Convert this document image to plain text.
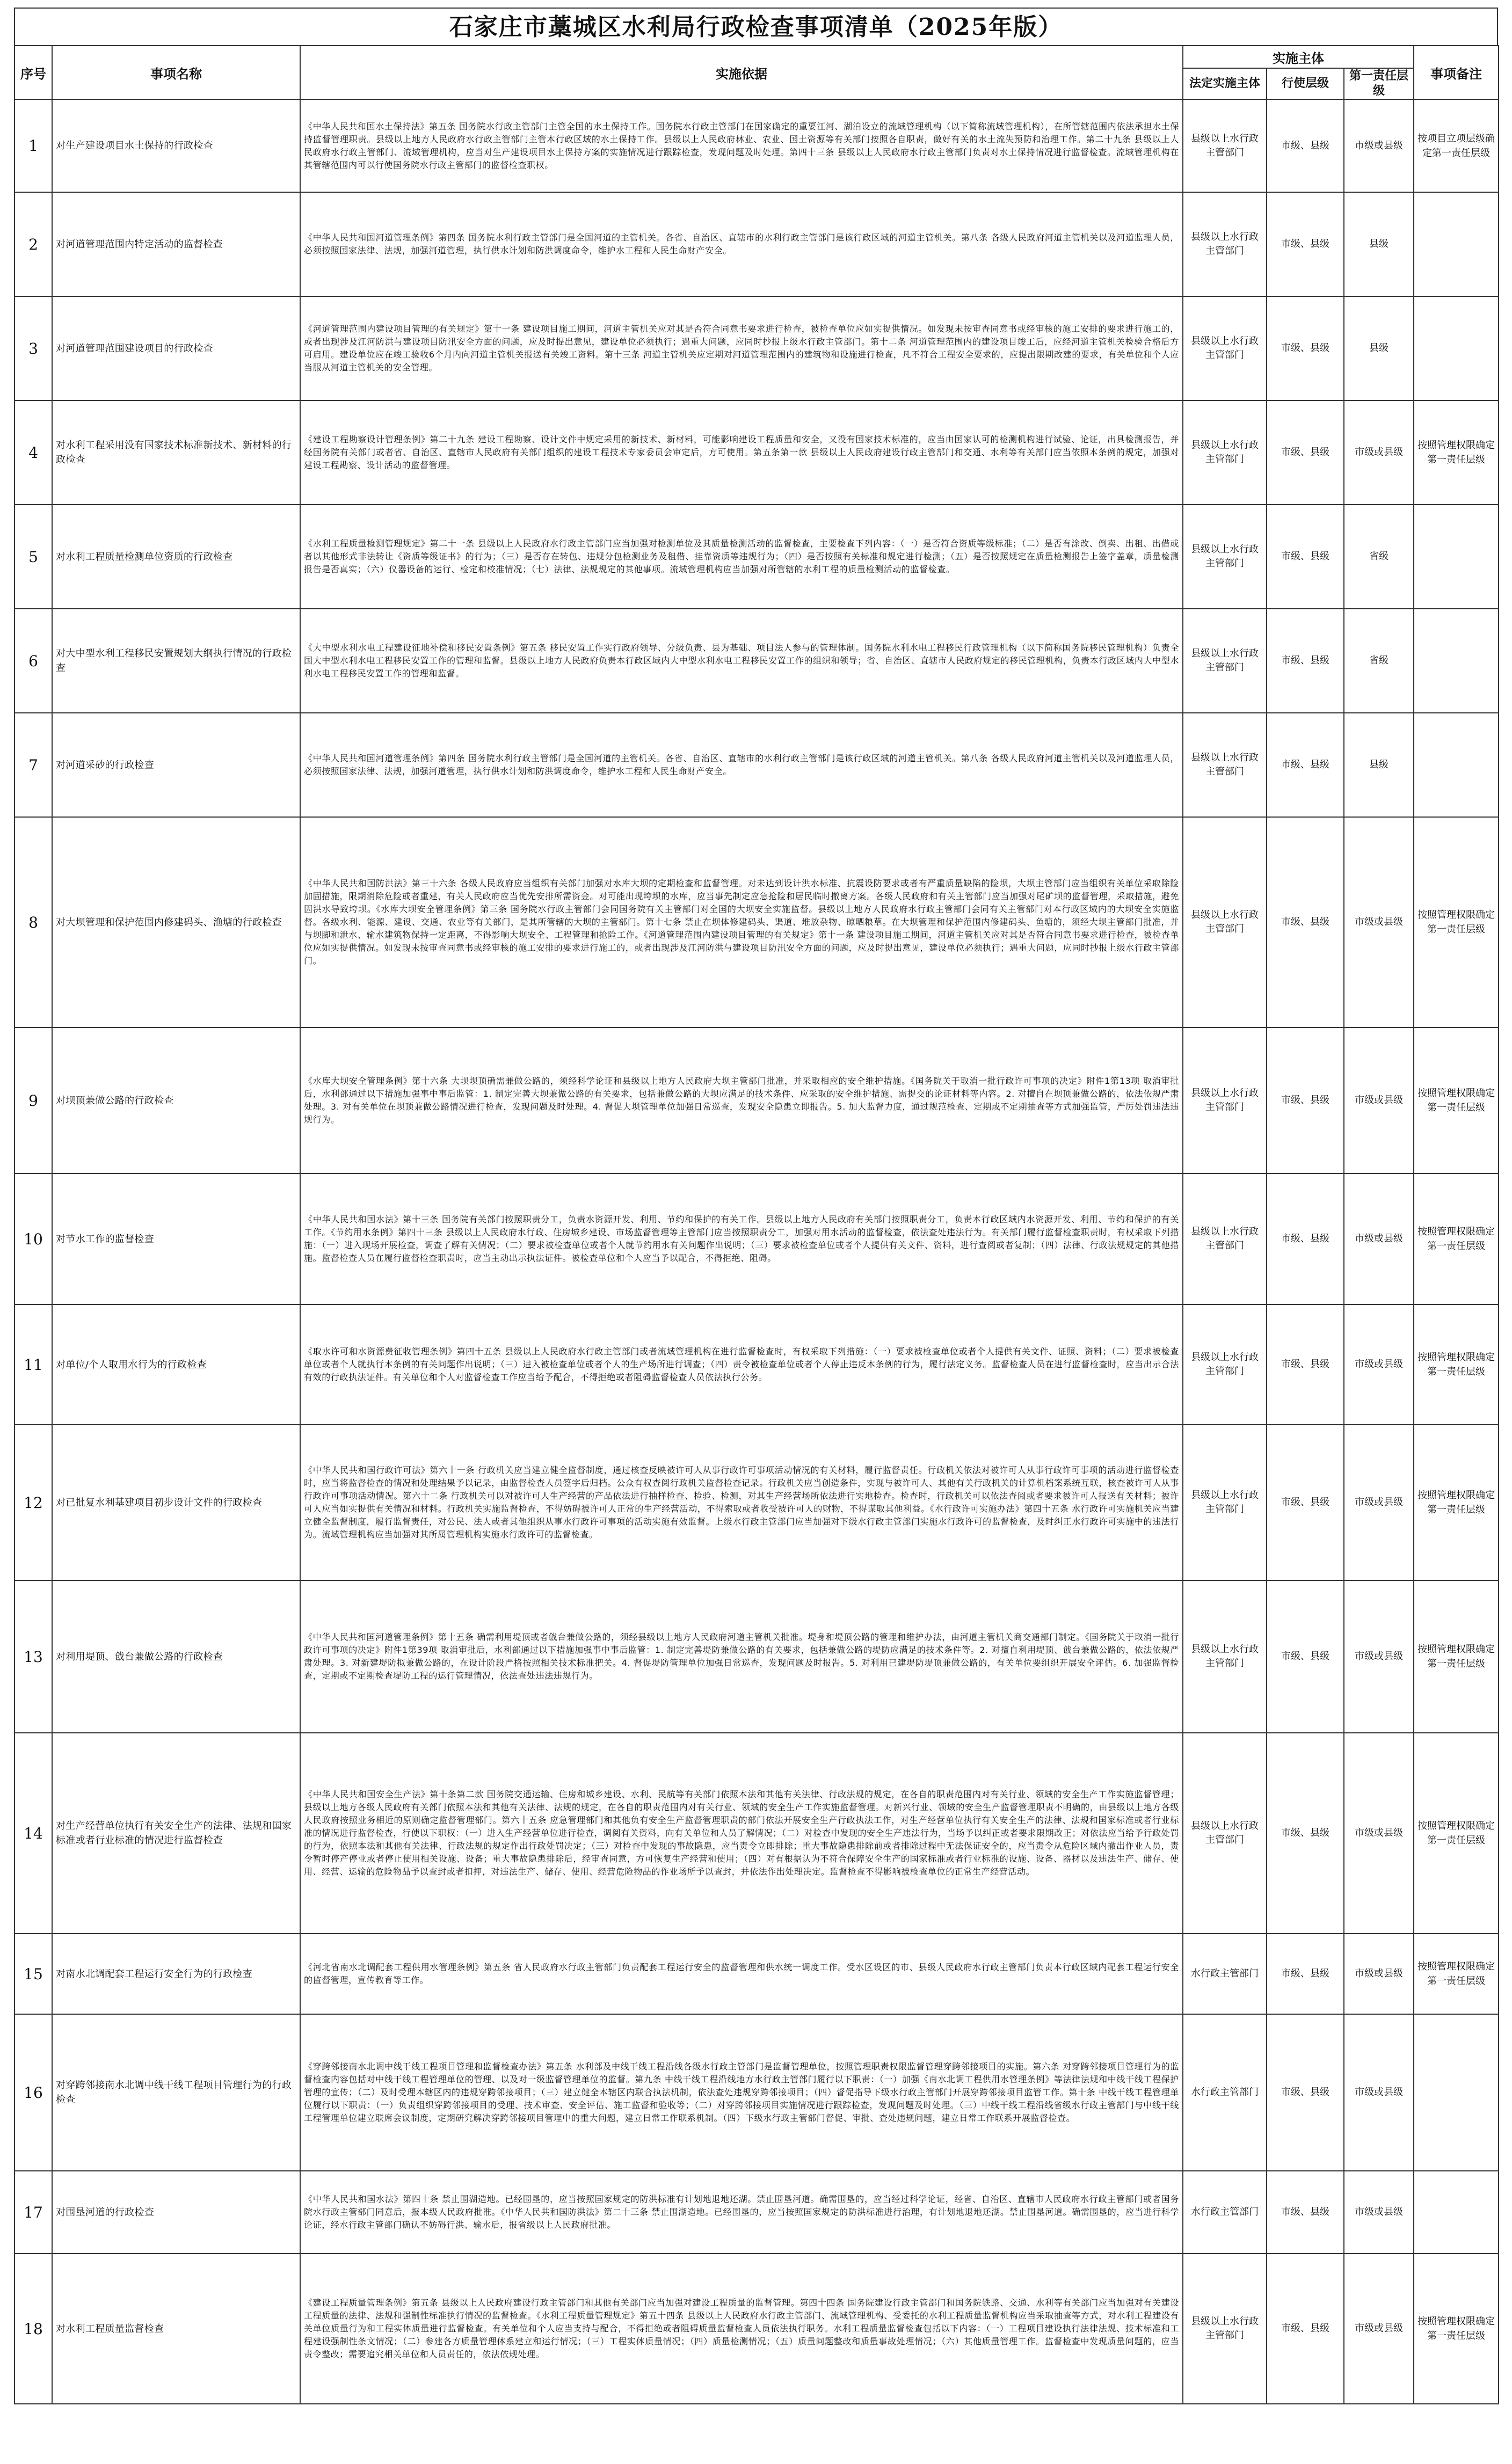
石家庄市藁城区水利局行政检查事项清单（2025年版）
序号	事项名称	实施依据	实施主体			事项备注
			法定实施主体	行使层级	第一责任层级	
1	对生产建设项目水土保持的行政检查	《中华人民共和国水土保持法》第五条 国务院水行政主管部门主管全国的水土保持工作。国务院水行政主管部门在国家确定的重要江河、湖泊设立的流域管理机构（以下简称流域管理机构），在所管辖范围内依法承担水土保持监督管理职责。县级以上地方人民政府水行政主管部门主管本行政区域的水土保持工作。县级以上人民政府林业、农业、国土资源等有关部门按照各自职责，做好有关的水土流失预防和治理工作。第二十九条 县级以上人民政府水行政主管部门、流域管理机构，应当对生产建设项目水土保持方案的实施情况进行跟踪检查，发现问题及时处理。第四十三条 县级以上人民政府水行政主管部门负责对水土保持情况进行监督检查。流域管理机构在其管辖范围内可以行使国务院水行政主管部门的监督检查职权。	县级以上水行政主管部门	市级、县级	市级或县级	按项目立项层级确定第一责任层级
2	对河道管理范围内特定活动的监督检查	《中华人民共和国河道管理条例》第四条 国务院水利行政主管部门是全国河道的主管机关。各省、自治区、直辖市的水利行政主管部门是该行政区域的河道主管机关。第八条 各级人民政府河道主管机关以及河道监理人员，必须按照国家法律、法规，加强河道管理，执行供水计划和防洪调度命令，维护水工程和人民生命财产安全。	县级以上水行政主管部门	市级、县级	县级	
3	对河道管理范围建设项目的行政检查	《河道管理范围内建设项目管理的有关规定》第十一条 建设项目施工期间，河道主管机关应对其是否符合同意书要求进行检查，被检查单位应如实提供情况。如发现未按审查同意书或经审核的施工安排的要求进行施工的，或者出现涉及江河防洪与建设项目防汛安全方面的问题，应及时提出意见，建设单位必须执行；遇重大问题，应同时抄报上级水行政主管部门。第十二条 河道管理范围内的建设项目竣工后，应经河道主管机关检验合格后方可启用。建设单位应在竣工验收6个月内向河道主管机关报送有关竣工资料。第十三条 河道主管机关应定期对河道管理范围内的建筑物和设施进行检查，凡不符合工程安全要求的，应提出限期改建的要求，有关单位和个人应当服从河道主管机关的安全管理。	县级以上水行政主管部门	市级、县级	县级	
4	对水利工程采用没有国家技术标准新技术、新材料的行政检查	《建设工程勘察设计管理条例》第二十九条 建设工程勘察、设计文件中规定采用的新技术、新材料，可能影响建设工程质量和安全，又没有国家技术标准的，应当由国家认可的检测机构进行试验、论证，出具检测报告，并经国务院有关部门或者省、自治区、直辖市人民政府有关部门组织的建设工程技术专家委员会审定后，方可使用。第五条第一款 县级以上人民政府建设行政主管部门和交通、水利等有关部门应当依照本条例的规定，加强对建设工程勘察、设计活动的监督管理。	县级以上水行政主管部门	市级、县级	市级或县级	按照管理权限确定第一责任层级
5	对水利工程质量检测单位资质的行政检查	《水利工程质量检测管理规定》第二十一条 县级以上人民政府水行政主管部门应当加强对检测单位及其质量检测活动的监督检查，主要检查下列内容：（一）是否符合资质等级标准；（二）是否有涂改、倒卖、出租、出借或者以其他形式非法转让《资质等级证书》的行为；（三）是否存在转包、违规分包检测业务及租借、挂靠资质等违规行为；（四）是否按照有关标准和规定进行检测；（五）是否按照规定在质量检测报告上签字盖章，质量检测报告是否真实；（六）仪器设备的运行、检定和校准情况；（七）法律、法规规定的其他事项。流域管理机构应当加强对所管辖的水利工程的质量检测活动的监督检查。	县级以上水行政主管部门	市级、县级	省级	
6	对大中型水利工程移民安置规划大纲执行情况的行政检查	《大中型水利水电工程建设征地补偿和移民安置条例》第五条 移民安置工作实行政府领导、分级负责、县为基础、项目法人参与的管理体制。国务院水利水电工程移民行政管理机构（以下简称国务院移民管理机构）负责全国大中型水利水电工程移民安置工作的管理和监督。县级以上地方人民政府负责本行政区域内大中型水利水电工程移民安置工作的组织和领导；省、自治区、直辖市人民政府规定的移民管理机构，负责本行政区域内大中型水利水电工程移民安置工作的管理和监督。	县级以上水行政主管部门	市级、县级	省级	
7	对河道采砂的行政检查	《中华人民共和国河道管理条例》第四条 国务院水利行政主管部门是全国河道的主管机关。各省、自治区、直辖市的水利行政主管部门是该行政区域的河道主管机关。第八条 各级人民政府河道主管机关以及河道监理人员，必须按照国家法律、法规，加强河道管理，执行供水计划和防洪调度命令，维护水工程和人民生命财产安全。	县级以上水行政主管部门	市级、县级	县级	
8	对大坝管理和保护范围内修建码头、渔塘的行政检查	《中华人民共和国防洪法》第三十六条 各级人民政府应当组织有关部门加强对水库大坝的定期检查和监督管理。对未达到设计洪水标准、抗震设防要求或者有严重质量缺陷的险坝，大坝主管部门应当组织有关单位采取除险加固措施，限期消除危险或者重建，有关人民政府应当优先安排所需资金。对可能出现垮坝的水库，应当事先制定应急抢险和居民临时撤离方案。各级人民政府和有关主管部门应当加强对尾矿坝的监督管理，采取措施，避免因洪水导致垮坝。《水库大坝安全管理条例》第三条 国务院水行政主管部门会同国务院有关主管部门对全国的大坝安全实施监督。县级以上地方人民政府水行政主管部门会同有关主管部门对本行政区域内的大坝安全实施监督。各级水利、能源、建设、交通、农业等有关部门，是其所管辖的大坝的主管部门。第十七条 禁止在坝体修建码头、渠道、堆放杂物、晾晒粮草。在大坝管理和保护范围内修建码头、鱼塘的，须经大坝主管部门批准，并与坝脚和泄水、输水建筑物保持一定距离，不得影响大坝安全、工程管理和抢险工作。《河道管理范围内建设项目管理的有关规定》第十一条 建设项目施工期间，河道主管机关应对其是否符合同意书要求进行检查，被检查单位应如实提供情况。如发现未按审查同意书或经审核的施工安排的要求进行施工的，或者出现涉及江河防洪与建设项目防汛安全方面的问题，应及时提出意见，建设单位必须执行；遇重大问题，应同时抄报上级水行政主管部门。	县级以上水行政主管部门	市级、县级	市级或县级	按照管理权限确定第一责任层级
9	对坝顶兼做公路的行政检查	《水库大坝安全管理条例》第十六条 大坝坝顶确需兼做公路的，须经科学论证和县级以上地方人民政府大坝主管部门批准，并采取相应的安全维护措施。《国务院关于取消一批行政许可事项的决定》附件1第13项 取消审批后，水利部通过以下措施加强事中事后监管：1. 制定完善大坝兼做公路的有关要求，包括兼做公路的大坝应满足的技术条件、应采取的安全维护措施、需提交的论证材料等内容。2. 对擅自在坝顶兼做公路的，依法依规严肃处理。3. 对有关单位在坝顶兼做公路情况进行检查，发现问题及时处理。4. 督促大坝管理单位加强日常巡查，发现安全隐患立即报告。5. 加大监督力度，通过规范检查、定期或不定期抽查等方式加强监管，严厉处罚违法违规行为。	县级以上水行政主管部门	市级、县级	市级或县级	按照管理权限确定第一责任层级
10	对节水工作的监督检查	《中华人民共和国水法》第十三条 国务院有关部门按照职责分工，负责水资源开发、利用、节约和保护的有关工作。县级以上地方人民政府有关部门按照职责分工，负责本行政区域内水资源开发、利用、节约和保护的有关工作。《节约用水条例》第四十三条 县级以上人民政府水行政、住房城乡建设、市场监督管理等主管部门应当按照职责分工，加强对用水活动的监督检查，依法查处违法行为。有关部门履行监督检查职责时，有权采取下列措施：（一）进入现场开展检查，调查了解有关情况；（二）要求被检查单位或者个人就节约用水有关问题作出说明；（三）要求被检查单位或者个人提供有关文件、资料，进行查阅或者复制；（四）法律、行政法规规定的其他措施。监督检查人员在履行监督检查职责时，应当主动出示执法证件。被检查单位和个人应当予以配合，不得拒绝、阻碍。	县级以上水行政主管部门	市级、县级	市级或县级	按照管理权限确定第一责任层级
11	对单位/个人取用水行为的行政检查	《取水许可和水资源费征收管理条例》第四十五条 县级以上人民政府水行政主管部门或者流域管理机构在进行监督检查时，有权采取下列措施：（一）要求被检查单位或者个人提供有关文件、证照、资料；（二）要求被检查单位或者个人就执行本条例的有关问题作出说明；（三）进入被检查单位或者个人的生产场所进行调查；（四）责令被检查单位或者个人停止违反本条例的行为，履行法定义务。监督检查人员在进行监督检查时，应当出示合法有效的行政执法证件。有关单位和个人对监督检查工作应当给予配合，不得拒绝或者阻碍监督检查人员依法执行公务。	县级以上水行政主管部门	市级、县级	市级或县级	按照管理权限确定第一责任层级
12	对已批复水利基建项目初步设计文件的行政检查	《中华人民共和国行政许可法》第六十一条 行政机关应当建立健全监督制度，通过核查反映被许可人从事行政许可事项活动情况的有关材料，履行监督责任。行政机关依法对被许可人从事行政许可事项的活动进行监督检查时，应当将监督检查的情况和处理结果予以记录，由监督检查人员签字后归档。公众有权查阅行政机关监督检查记录。行政机关应当创造条件，实现与被许可人、其他有关行政机关的计算机档案系统互联，核查被许可人从事行政许可事项活动情况。第六十二条 行政机关可以对被许可人生产经营的产品依法进行抽样检查、检验、检测，对其生产经营场所依法进行实地检查。检查时，行政机关可以依法查阅或者要求被许可人报送有关材料；被许可人应当如实提供有关情况和材料。行政机关实施监督检查，不得妨碍被许可人正常的生产经营活动，不得索取或者收受被许可人的财物，不得谋取其他利益。《水行政许可实施办法》第四十五条 水行政许可实施机关应当建立健全监督制度，履行监督责任，对公民、法人或者其他组织从事水行政许可事项的活动实施有效监督。上级水行政主管部门应当加强对下级水行政主管部门实施水行政许可的监督检查，及时纠正水行政许可实施中的违法行为。流域管理机构应当加强对其所属管理机构实施水行政许可的监督检查。	县级以上水行政主管部门	市级、县级	市级或县级	按照管理权限确定第一责任层级
13	对利用堤顶、戗台兼做公路的行政检查	《中华人民共和国河道管理条例》第十五条 确需利用堤顶或者戗台兼做公路的，须经县级以上地方人民政府河道主管机关批准。堤身和堤顶公路的管理和维护办法，由河道主管机关商交通部门制定。《国务院关于取消一批行政许可事项的决定》附件1第39项 取消审批后，水利部通过以下措施加强事中事后监管：1. 制定完善堤防兼做公路的有关要求，包括兼做公路的堤防应满足的技术条件等。2. 对擅自利用堤顶、戗台兼做公路的，依法依规严肃处理。3. 对新建堤防拟兼做公路的，在设计阶段严格按照相关技术标准把关。4. 督促堤防管理单位加强日常巡查，发现问题及时报告。5. 对利用已建堤防堤顶兼做公路的，有关单位要组织开展安全评估。6. 加强监督检查，定期或不定期检查堤防工程的运行管理情况，依法查处违法违规行为。	县级以上水行政主管部门	市级、县级	市级或县级	按照管理权限确定第一责任层级
14	对生产经营单位执行有关安全生产的法律、法规和国家标准或者行业标准的情况进行监督检查	《中华人民共和国安全生产法》第十条第二款 国务院交通运输、住房和城乡建设、水利、民航等有关部门依照本法和其他有关法律、行政法规的规定，在各自的职责范围内对有关行业、领域的安全生产工作实施监督管理；县级以上地方各级人民政府有关部门依照本法和其他有关法律、法规的规定，在各自的职责范围内对有关行业、领域的安全生产工作实施监督管理。对新兴行业、领域的安全生产监督管理职责不明确的，由县级以上地方各级人民政府按照业务相近的原则确定监督管理部门。第六十五条 应急管理部门和其他负有安全生产监督管理职责的部门依法开展安全生产行政执法工作，对生产经营单位执行有关安全生产的法律、法规和国家标准或者行业标准的情况进行监督检查，行使以下职权：（一）进入生产经营单位进行检查，调阅有关资料，向有关单位和人员了解情况；（二）对检查中发现的安全生产违法行为，当场予以纠正或者要求限期改正；对依法应当给予行政处罚的行为，依照本法和其他有关法律、行政法规的规定作出行政处罚决定；（三）对检查中发现的事故隐患，应当责令立即排除；重大事故隐患排除前或者排除过程中无法保证安全的，应当责令从危险区域内撤出作业人员，责令暂时停产停业或者停止使用相关设施、设备；重大事故隐患排除后，经审查同意，方可恢复生产经营和使用；（四）对有根据认为不符合保障安全生产的国家标准或者行业标准的设施、设备、器材以及违法生产、储存、使用、经营、运输的危险物品予以查封或者扣押，对违法生产、储存、使用、经营危险物品的作业场所予以查封，并依法作出处理决定。监督检查不得影响被检查单位的正常生产经营活动。	县级以上水行政主管部门	市级、县级	市级或县级	按照管理权限确定第一责任层级
15	对南水北调配套工程运行安全行为的行政检查	《河北省南水北调配套工程供用水管理条例》第五条 省人民政府水行政主管部门负责配套工程运行安全的监督管理和供水统一调度工作。受水区设区的市、县级人民政府水行政主管部门负责本行政区域内配套工程运行安全的监督管理，宣传教育等工作。	水行政主管部门	市级、县级	市级或县级	按照管理权限确定第一责任层级
16	对穿跨邻接南水北调中线干线工程项目管理行为的行政检查	《穿跨邻接南水北调中线干线工程项目管理和监督检查办法》第五条 水利部及中线干线工程沿线各级水行政主管部门是监督管理单位，按照管理职责权限监督管理穿跨邻接项目的实施。第六条 对穿跨邻接项目管理行为的监督检查内容包括对中线干线工程管理单位的管理、以及对一级监督管理单位的监督。第九条 中线干线工程沿线地方水行政主管部门履行以下职责：（一）加强《南水北调工程供用水管理条例》等法律法规和中线干线工程保护管理的宣传；（二）及时受理本辖区内的违规穿跨邻接项目；（三）建立健全本辖区内联合执法机制，依法查处违规穿跨邻接项目；（四）督促指导下级水行政主管部门开展穿跨邻接项目监管工作。第十条 中线干线工程管理单位履行以下职责：（一）负责组织穿跨邻接项目的受理、技术审查、安全评估、施工监督和验收等；（二）对穿跨邻接项目实施情况进行跟踪检查，发现问题及时处理。（三）中线干线工程沿线省级水行政主管部门与中线干线工程管理单位建立联席会议制度，定期研究解决穿跨邻接项目管理中的重大问题，建立日常工作联系机制。（四）下级水行政主管部门督促、审批、查处违规问题，建立日常工作联系开展监督检查。	水行政主管部门	市级、县级	市级或县级	
17	对围垦河道的行政检查	《中华人民共和国水法》第四十条 禁止围湖造地。已经围垦的，应当按照国家规定的防洪标准有计划地退地还湖。禁止围垦河道。确需围垦的，应当经过科学论证，经省、自治区、直辖市人民政府水行政主管部门或者国务院水行政主管部门同意后，报本级人民政府批准。《中华人民共和国防洪法》第二十三条 禁止围湖造地。已经围垦的，应当按照国家规定的防洪标准进行治理，有计划地退地还湖。禁止围垦河道。确需围垦的，应当进行科学论证，经水行政主管部门确认不妨碍行洪、输水后，报省级以上人民政府批准。	水行政主管部门	市级、县级	市级或县级	
18	对水利工程质量监督检查	《建设工程质量管理条例》第五条 县级以上人民政府建设行政主管部门和其他有关部门应当加强对建设工程质量的监督管理。第四十四条 国务院建设行政主管部门和国务院铁路、交通、水利等有关部门应当加强对有关建设工程质量的法律、法规和强制性标准执行情况的监督检查。《水利工程质量管理规定》第五十四条 县级以上人民政府水行政主管部门、流域管理机构、受委托的水利工程质量监督机构应当采取抽查等方式，对水利工程建设有关单位质量行为和工程实体质量进行监督检查。有关单位和个人应当支持与配合，不得拒绝或者阻碍质量监督检查人员依法执行职务。水利工程质量监督检查包括以下内容：（一）工程项目建设执行法律法规、技术标准和工程建设强制性条文情况；（二）参建各方质量管理体系建立和运行情况；（三）工程实体质量情况；（四）质量检测情况；（五）质量问题整改和质量事故处理情况；（六）其他质量管理工作。监督检查中发现质量问题的，应当责令整改；需要追究相关单位和人员责任的，依法依规处理。	县级以上水行政主管部门	市级、县级	市级或县级	按照管理权限确定第一责任层级
